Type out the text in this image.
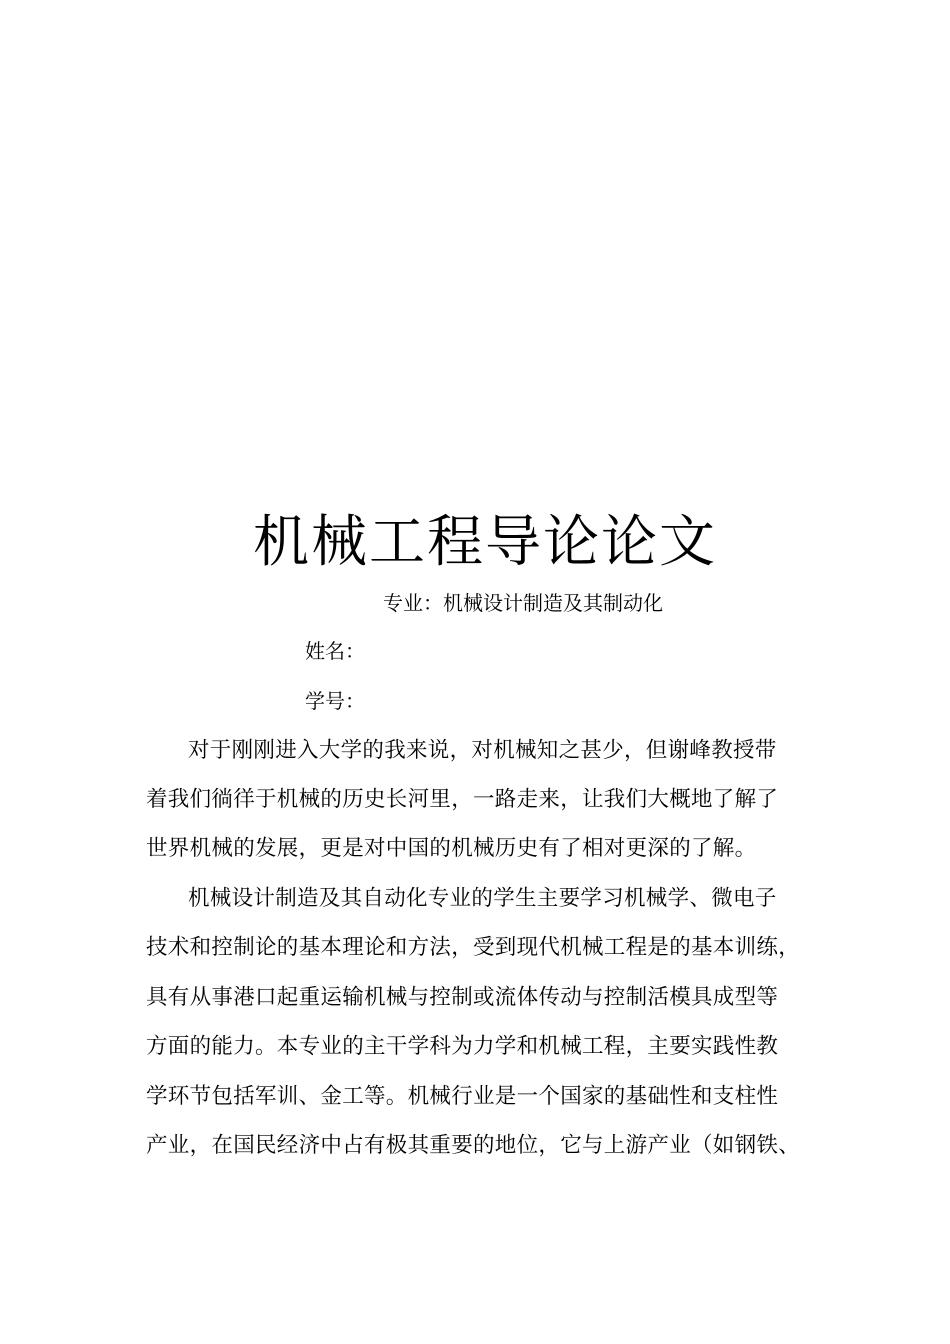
机械工程导论论文
专业：机械设计制造及其制动化
姓名：
学号：
对于刚刚进入大学的我来说，对机械知之甚少，但谢峰教授带
着我们徜徉于机械的历史长河里，一路走来，让我们大概地了解了
世界机械的发展，更是对中国的机械历史有了相对更深的了解。
机械设计制造及其自动化专业的学生主要学习机械学、微电子
技术和控制论的基本理论和方法，受到现代机械工程是的基本训练，
具有从事港口起重运输机械与控制或流体传动与控制活模具成型等
方面的能力。本专业的主干学科为力学和机械工程，主要实践性教
学环节包括军训、金工等。机械行业是一个国家的基础性和支柱性
产业，在国民经济中占有极其重要的地位，它与上游产业（如钢铁、
